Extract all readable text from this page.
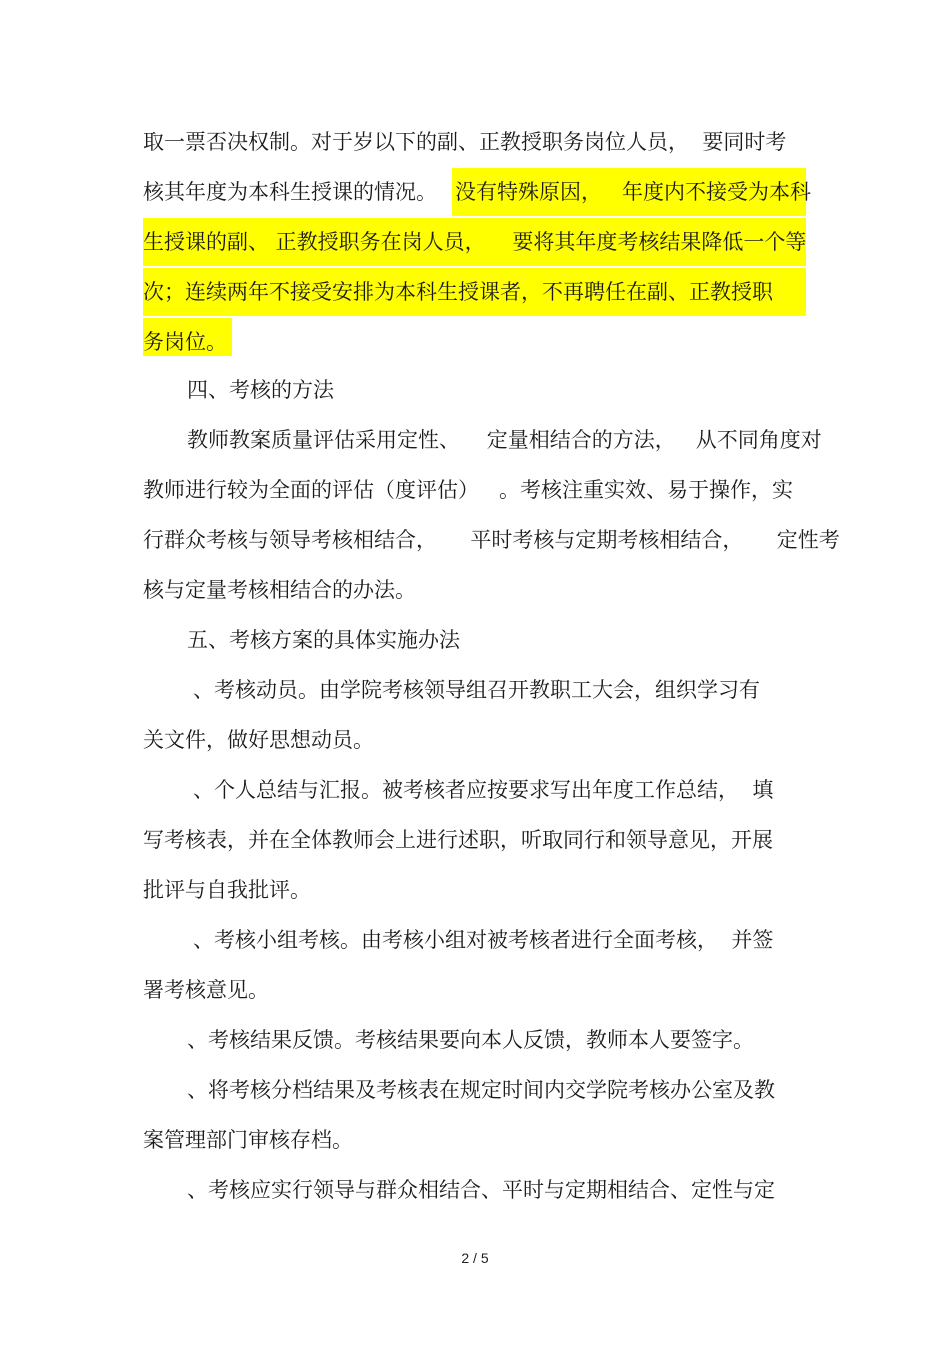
取一票否决权制。对于岁以下的副、正教授职务岗位人员，  要同时考
核其年度为本科生授课的情况。 没有特殊原因，   年度内不接受为本科
生授课的副、 正教授职务在岗人员，    要将其年度考核结果降低一个等
次；连续两年不接受安排为本科生授课者，不再聘任在副、正教授职
务岗位。
四、考核的方法
教师教案质量评估采用定性、    定量相结合的方法，   从不同角度对
教师进行较为全面的评估（度评估）   。考核注重实效、易于操作，实
行群众考核与领导考核相结合，     平时考核与定期考核相结合，     定性考
核与定量考核相结合的办法。
五、考核方案的具体实施办法
、考核动员。由学院考核领导组召开教职工大会，组织学习有
关文件，做好思想动员。
、个人总结与汇报。被考核者应按要求写出年度工作总结，  填
写考核表，并在全体教师会上进行述职，听取同行和领导意见，开展
批评与自我批评。
、考核小组考核。由考核小组对被考核者进行全面考核，  并签
署考核意见。
、考核结果反馈。考核结果要向本人反馈，教师本人要签字。
、将考核分档结果及考核表在规定时间内交学院考核办公室及教
案管理部门审核存档。
、考核应实行领导与群众相结合、平时与定期相结合、定性与定
2 / 5
